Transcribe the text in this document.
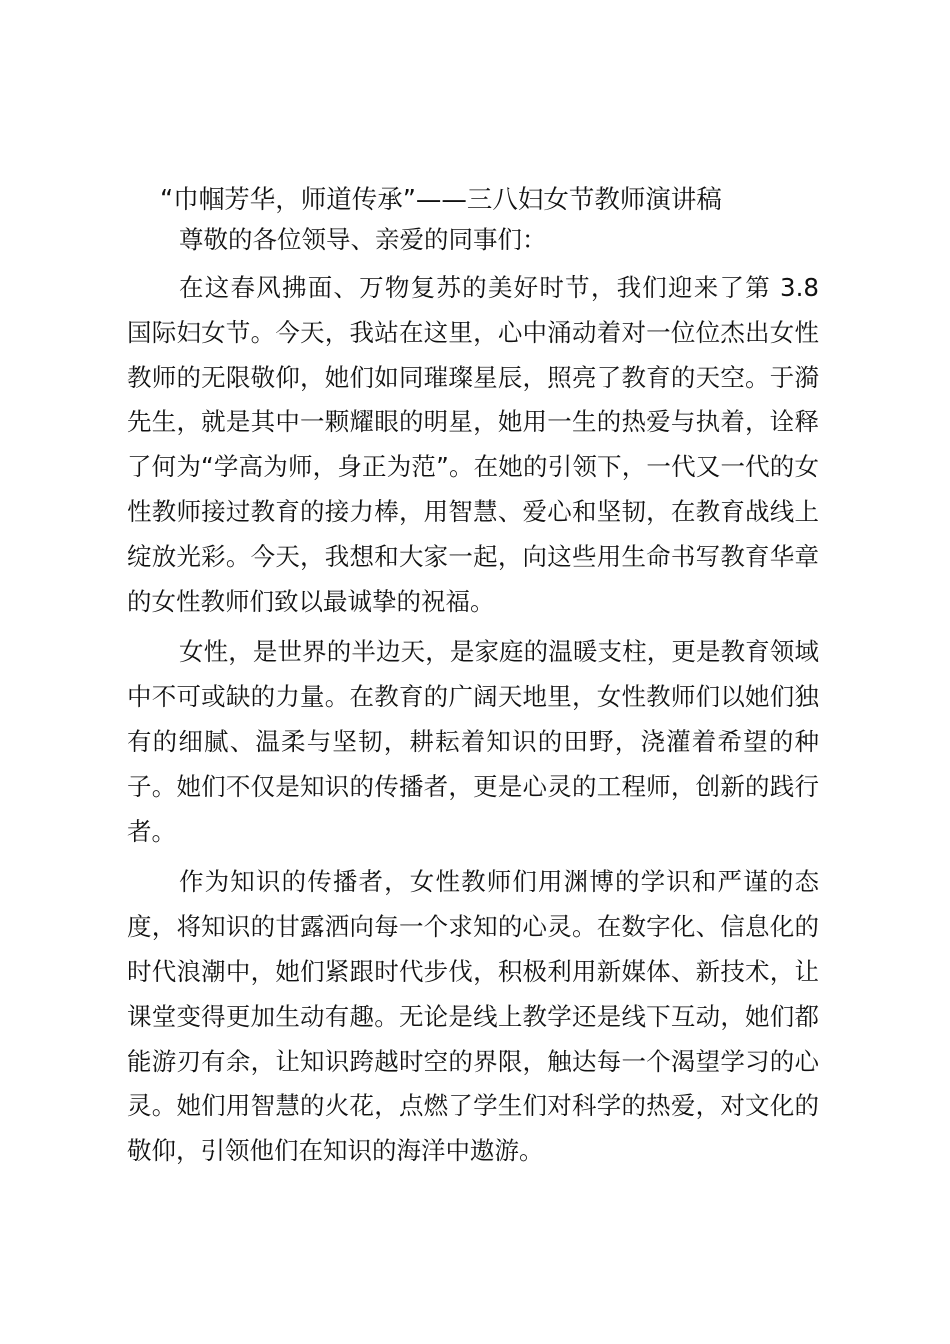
“巾帼芳华，师道传承”——三八妇女节教师演讲稿

尊敬的各位领导、亲爱的同事们：

在这春风拂面、万物复苏的美好时节，我们迎来了第 3.8 国际妇女节。今天，我站在这里，心中涌动着对一位位杰出女性教师的无限敬仰，她们如同璀璨星辰，照亮了教育的天空。于漪先生，就是其中一颗耀眼的明星，她用一生的热爱与执着，诠释了何为“学高为师，身正为范”。在她的引领下，一代又一代的女性教师接过教育的接力棒，用智慧、爱心和坚韧，在教育战线上绽放光彩。今天，我想和大家一起，向这些用生命书写教育华章的女性教师们致以最诚挚的祝福。

女性，是世界的半边天，是家庭的温暖支柱，更是教育领域中不可或缺的力量。在教育的广阔天地里，女性教师们以她们独有的细腻、温柔与坚韧，耕耘着知识的田野，浇灌着希望的种子。她们不仅是知识的传播者，更是心灵的工程师，创新的践行者。

作为知识的传播者，女性教师们用渊博的学识和严谨的态度，将知识的甘露洒向每一个求知的心灵。在数字化、信息化的时代浪潮中，她们紧跟时代步伐，积极利用新媒体、新技术，让课堂变得更加生动有趣。无论是线上教学还是线下互动，她们都能游刃有余，让知识跨越时空的界限，触达每一个渴望学习的心灵。她们用智慧的火花，点燃了学生们对科学的热爱，对文化的敬仰，引领他们在知识的海洋中遨游。
